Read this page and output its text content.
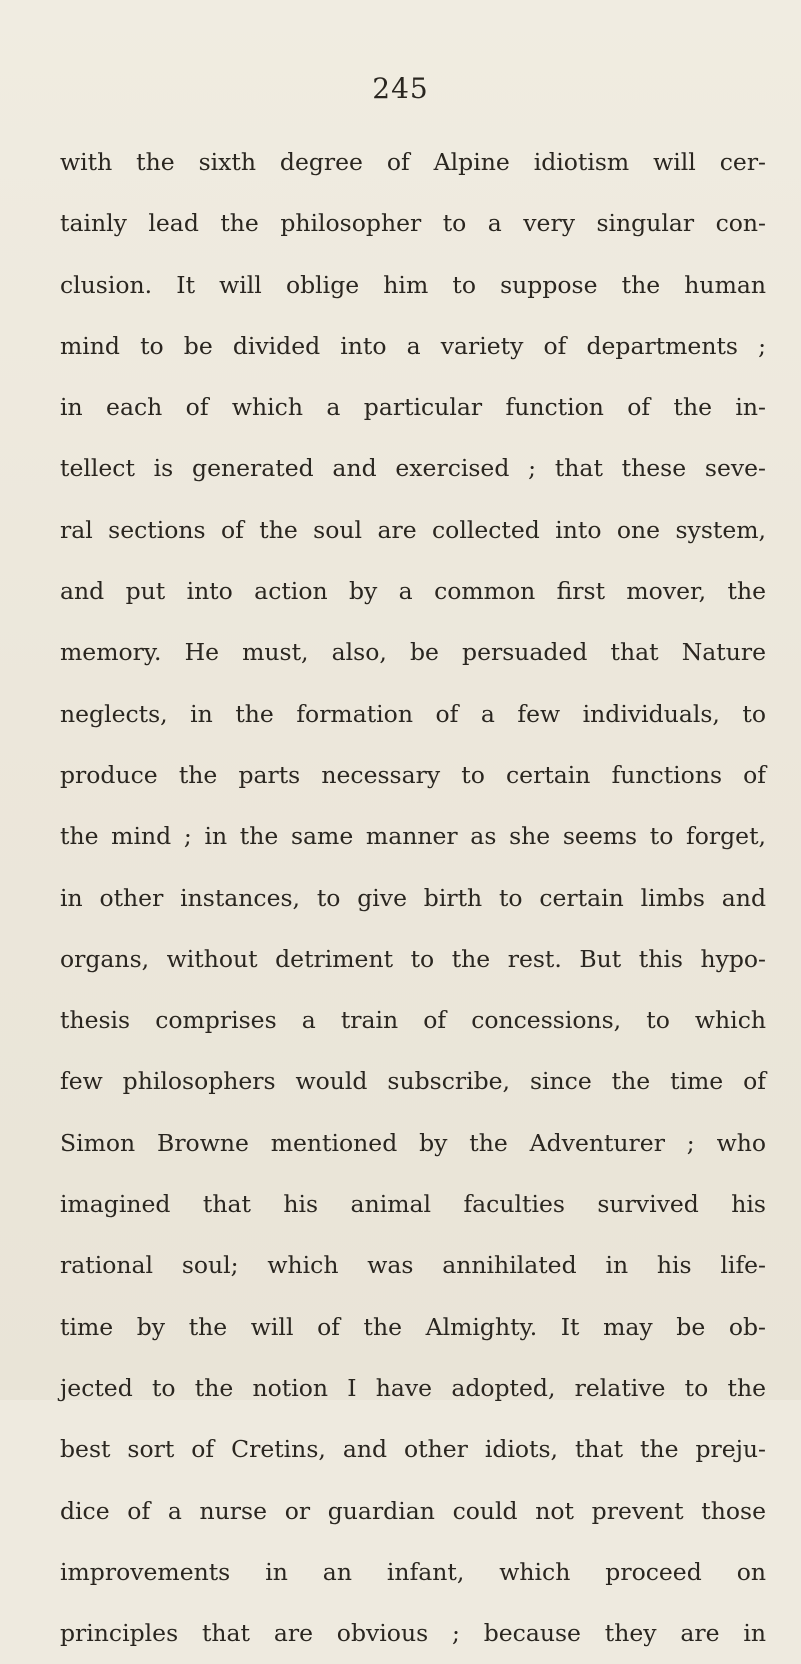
245
with the sixth degree of Alpine idiotism will cer-
tainly lead the philosopher to a very singular con-
clusion. It will oblige him to suppose the human
mind to be divided into a variety of departments ;
in each of which a particular function of the in-
tellect is generated and exercised ; that these seve-
ral sections of the soul are collected into one system,
and put into action by a common first mover, the
memory. He must, also, be persuaded that Nature
neglects, in the formation of a few individuals, to
produce the parts necessary to certain functions of
the mind ; in the same manner as she seems to forget,
in other instances, to give birth to certain limbs and
organs, without detriment to the rest. But this hypo-
thesis comprises a train of concessions, to which
few philosophers would subscribe, since the time of
Simon Browne mentioned by the Adventurer ; who
imagined that his animal faculties survived his
rational soul; which was annihilated in his life-
time by the will of the Almighty. It may be ob-
jected to the notion I have adopted, relative to the
best sort of Cretins, and other idiots, that the preju-
dice of a nurse or guardian could not prevent those
improvements in an infant, which proceed on
principles that are obvious ; because they are in
